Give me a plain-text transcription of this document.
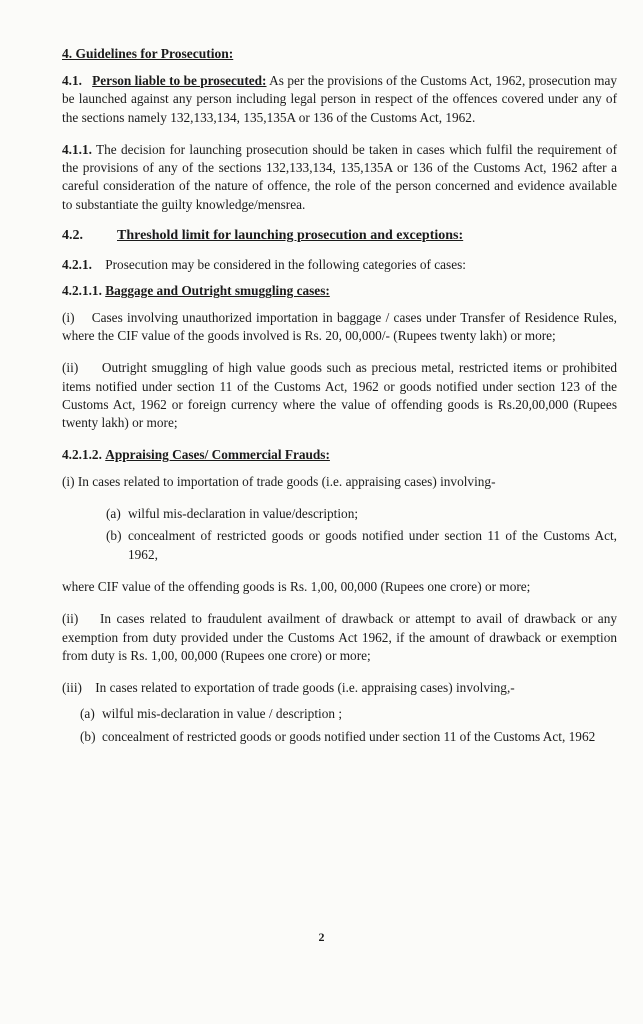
4. Guidelines for Prosecution:

4.1. Person liable to be prosecuted: As per the provisions of the Customs Act, 1962, prosecution may be launched against any person including legal person in respect of the offences covered under any of the sections namely 132,133,134, 135,135A or 136 of the Customs Act, 1962.

4.1.1. The decision for launching prosecution should be taken in cases which fulfil the requirement of the provisions of any of the sections 132,133,134, 135,135A or 136 of the Customs Act, 1962 after a careful consideration of the nature of offence, the role of the person concerned and evidence available to substantiate the guilty knowledge/mensrea.

4.2. Threshold limit for launching prosecution and exceptions:

4.2.1. Prosecution may be considered in the following categories of cases:

4.2.1.1. Baggage and Outright smuggling cases:

(i) Cases involving unauthorized importation in baggage / cases under Transfer of Residence Rules, where the CIF value of the goods involved is Rs. 20, 00,000/- (Rupees twenty lakh) or more;

(ii) Outright smuggling of high value goods such as precious metal, restricted items or prohibited items notified under section 11 of the Customs Act, 1962 or goods notified under section 123 of the Customs Act, 1962 or foreign currency where the value of offending goods is Rs.20,00,000 (Rupees twenty lakh) or more;

4.2.1.2. Appraising Cases/ Commercial Frauds:

(i) In cases related to importation of trade goods (i.e. appraising cases) involving-

(a) wilful mis-declaration in value/description;
(b) concealment of restricted goods or goods notified under section 11 of the Customs Act, 1962,

where CIF value of the offending goods is Rs. 1,00, 00,000 (Rupees one crore) or more;

(ii) In cases related to fraudulent availment of drawback or attempt to avail of drawback or any exemption from duty provided under the Customs Act 1962, if the amount of drawback or exemption from duty is Rs. 1,00, 00,000 (Rupees one crore) or more;

(iii) In cases related to exportation of trade goods (i.e. appraising cases) involving,-

(a) wilful mis-declaration in value / description ;
(b) concealment of restricted goods or goods notified under section 11 of the Customs Act, 1962
2
